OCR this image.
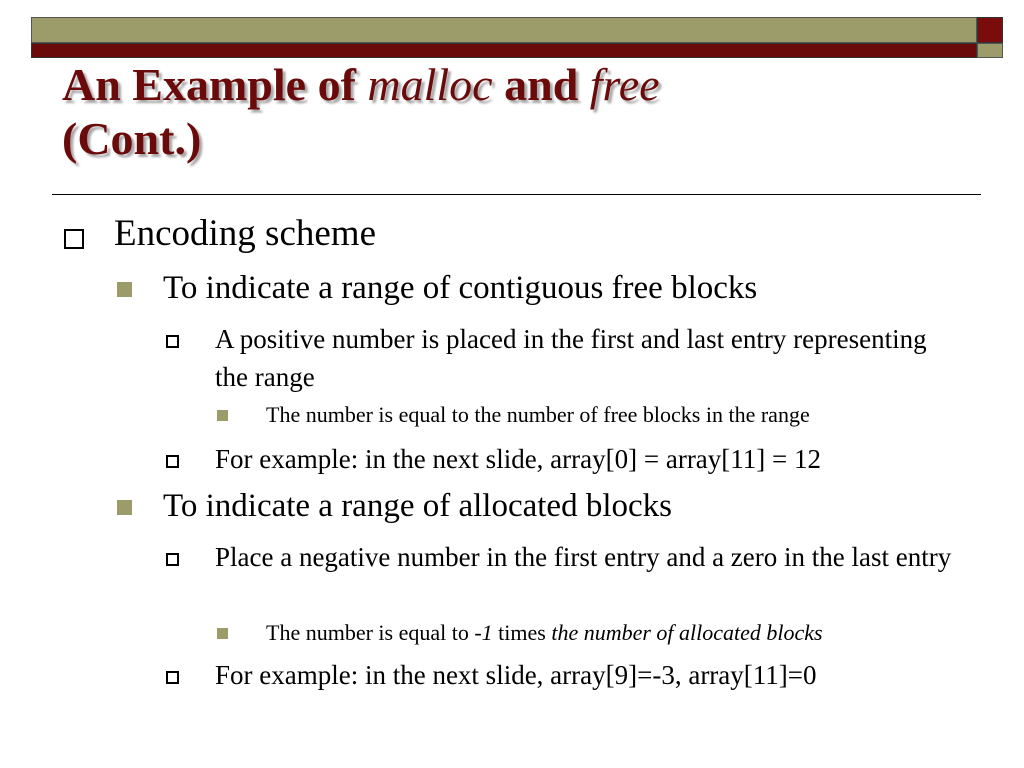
An Example of malloc and free
(Cont.)
Encoding scheme
To indicate a range of contiguous free blocks
A positive number is placed in the first and last entry representing the range
The number is equal to the number of free blocks in the range
For example: in the next slide, array[0] = array[11] = 12
To indicate a range of allocated blocks
Place a negative number in the first entry and a zero in the last entry
The number is equal to -1 times the number of allocated blocks
For example: in the next slide, array[9]=-3, array[11]=0
